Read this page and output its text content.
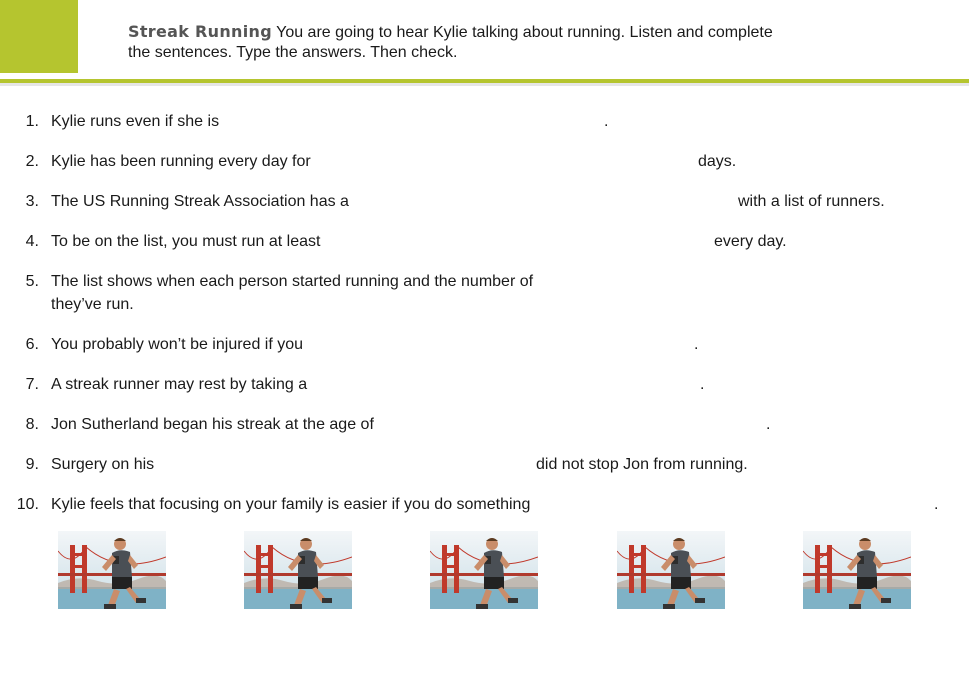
Streak Running You are going to hear Kylie talking about running. Listen and complete
the sentences. Type the answers. Then check.
1. Kylie runs even if she is	.
2. Kylie has been running every day for	days.
3. The US Running Streak Association has a	with a list of runners.
4. To be on the list, you must run at least	every day.
5. The list shows when each person started running and the number of
they’ve run.
6. You probably won’t be injured if you	.
7. A streak runner may rest by taking a	.
8. Jon Sutherland began his streak at the age of	.
9. Surgery on his	did not stop Jon from running.
10. Kylie feels that focusing on your family is easier if you do something	.
